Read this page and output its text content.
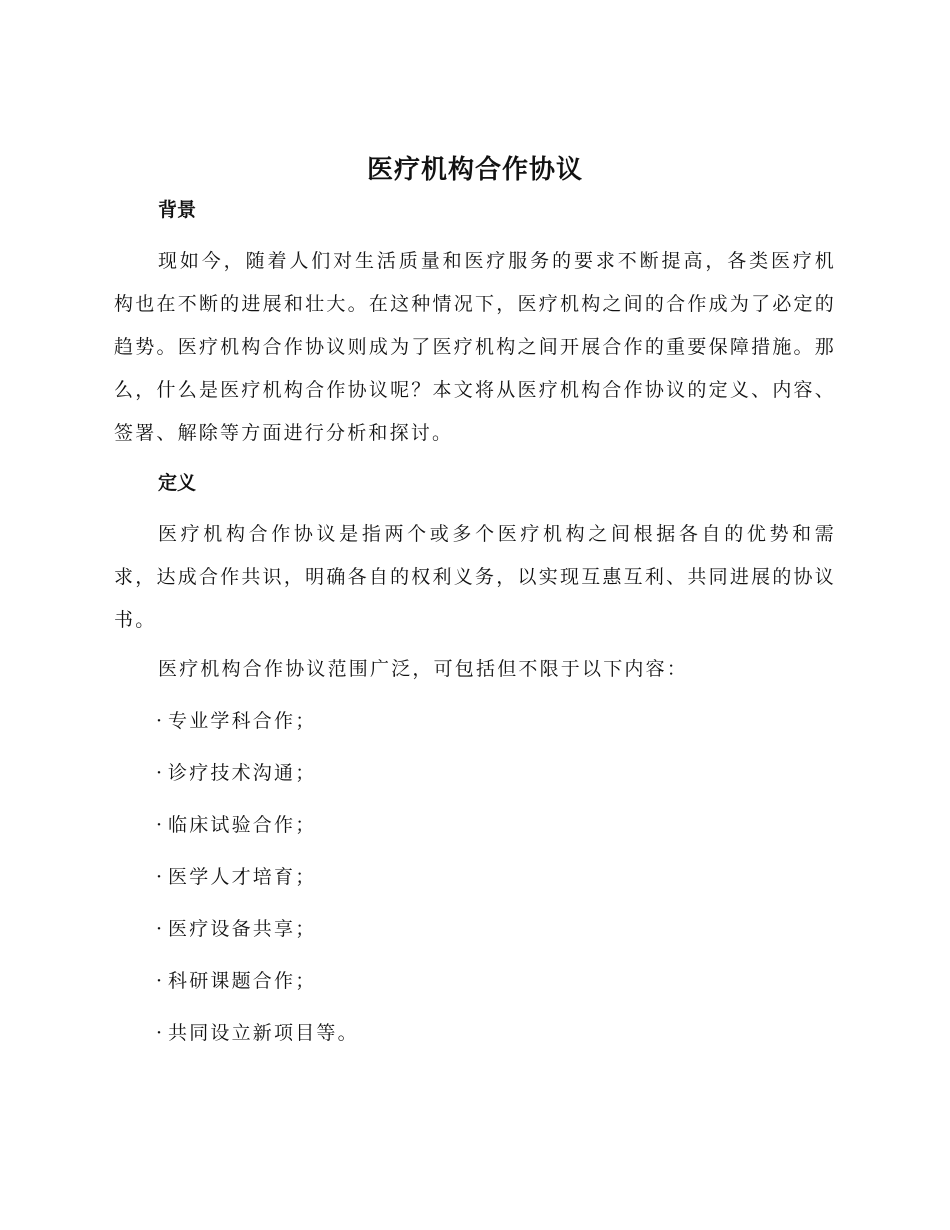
医疗机构合作协议
背景
现如今，随着人们对生活质量和医疗服务的要求不断提高，各类医疗机构也在不断的进展和壮大。在这种情况下，医疗机构之间的合作成为了必定的趋势。医疗机构合作协议则成为了医疗机构之间开展合作的重要保障措施。那么，什么是医疗机构合作协议呢？本文将从医疗机构合作协议的定义、内容、签署、解除等方面进行分析和探讨。
定义
医疗机构合作协议是指两个或多个医疗机构之间根据各自的优势和需求，达成合作共识，明确各自的权利义务，以实现互惠互利、共同进展的协议书。
医疗机构合作协议范围广泛，可包括但不限于以下内容：
· 专业学科合作；
· 诊疗技术沟通；
· 临床试验合作；
· 医学人才培育；
· 医疗设备共享；
· 科研课题合作；
· 共同设立新项目等。
